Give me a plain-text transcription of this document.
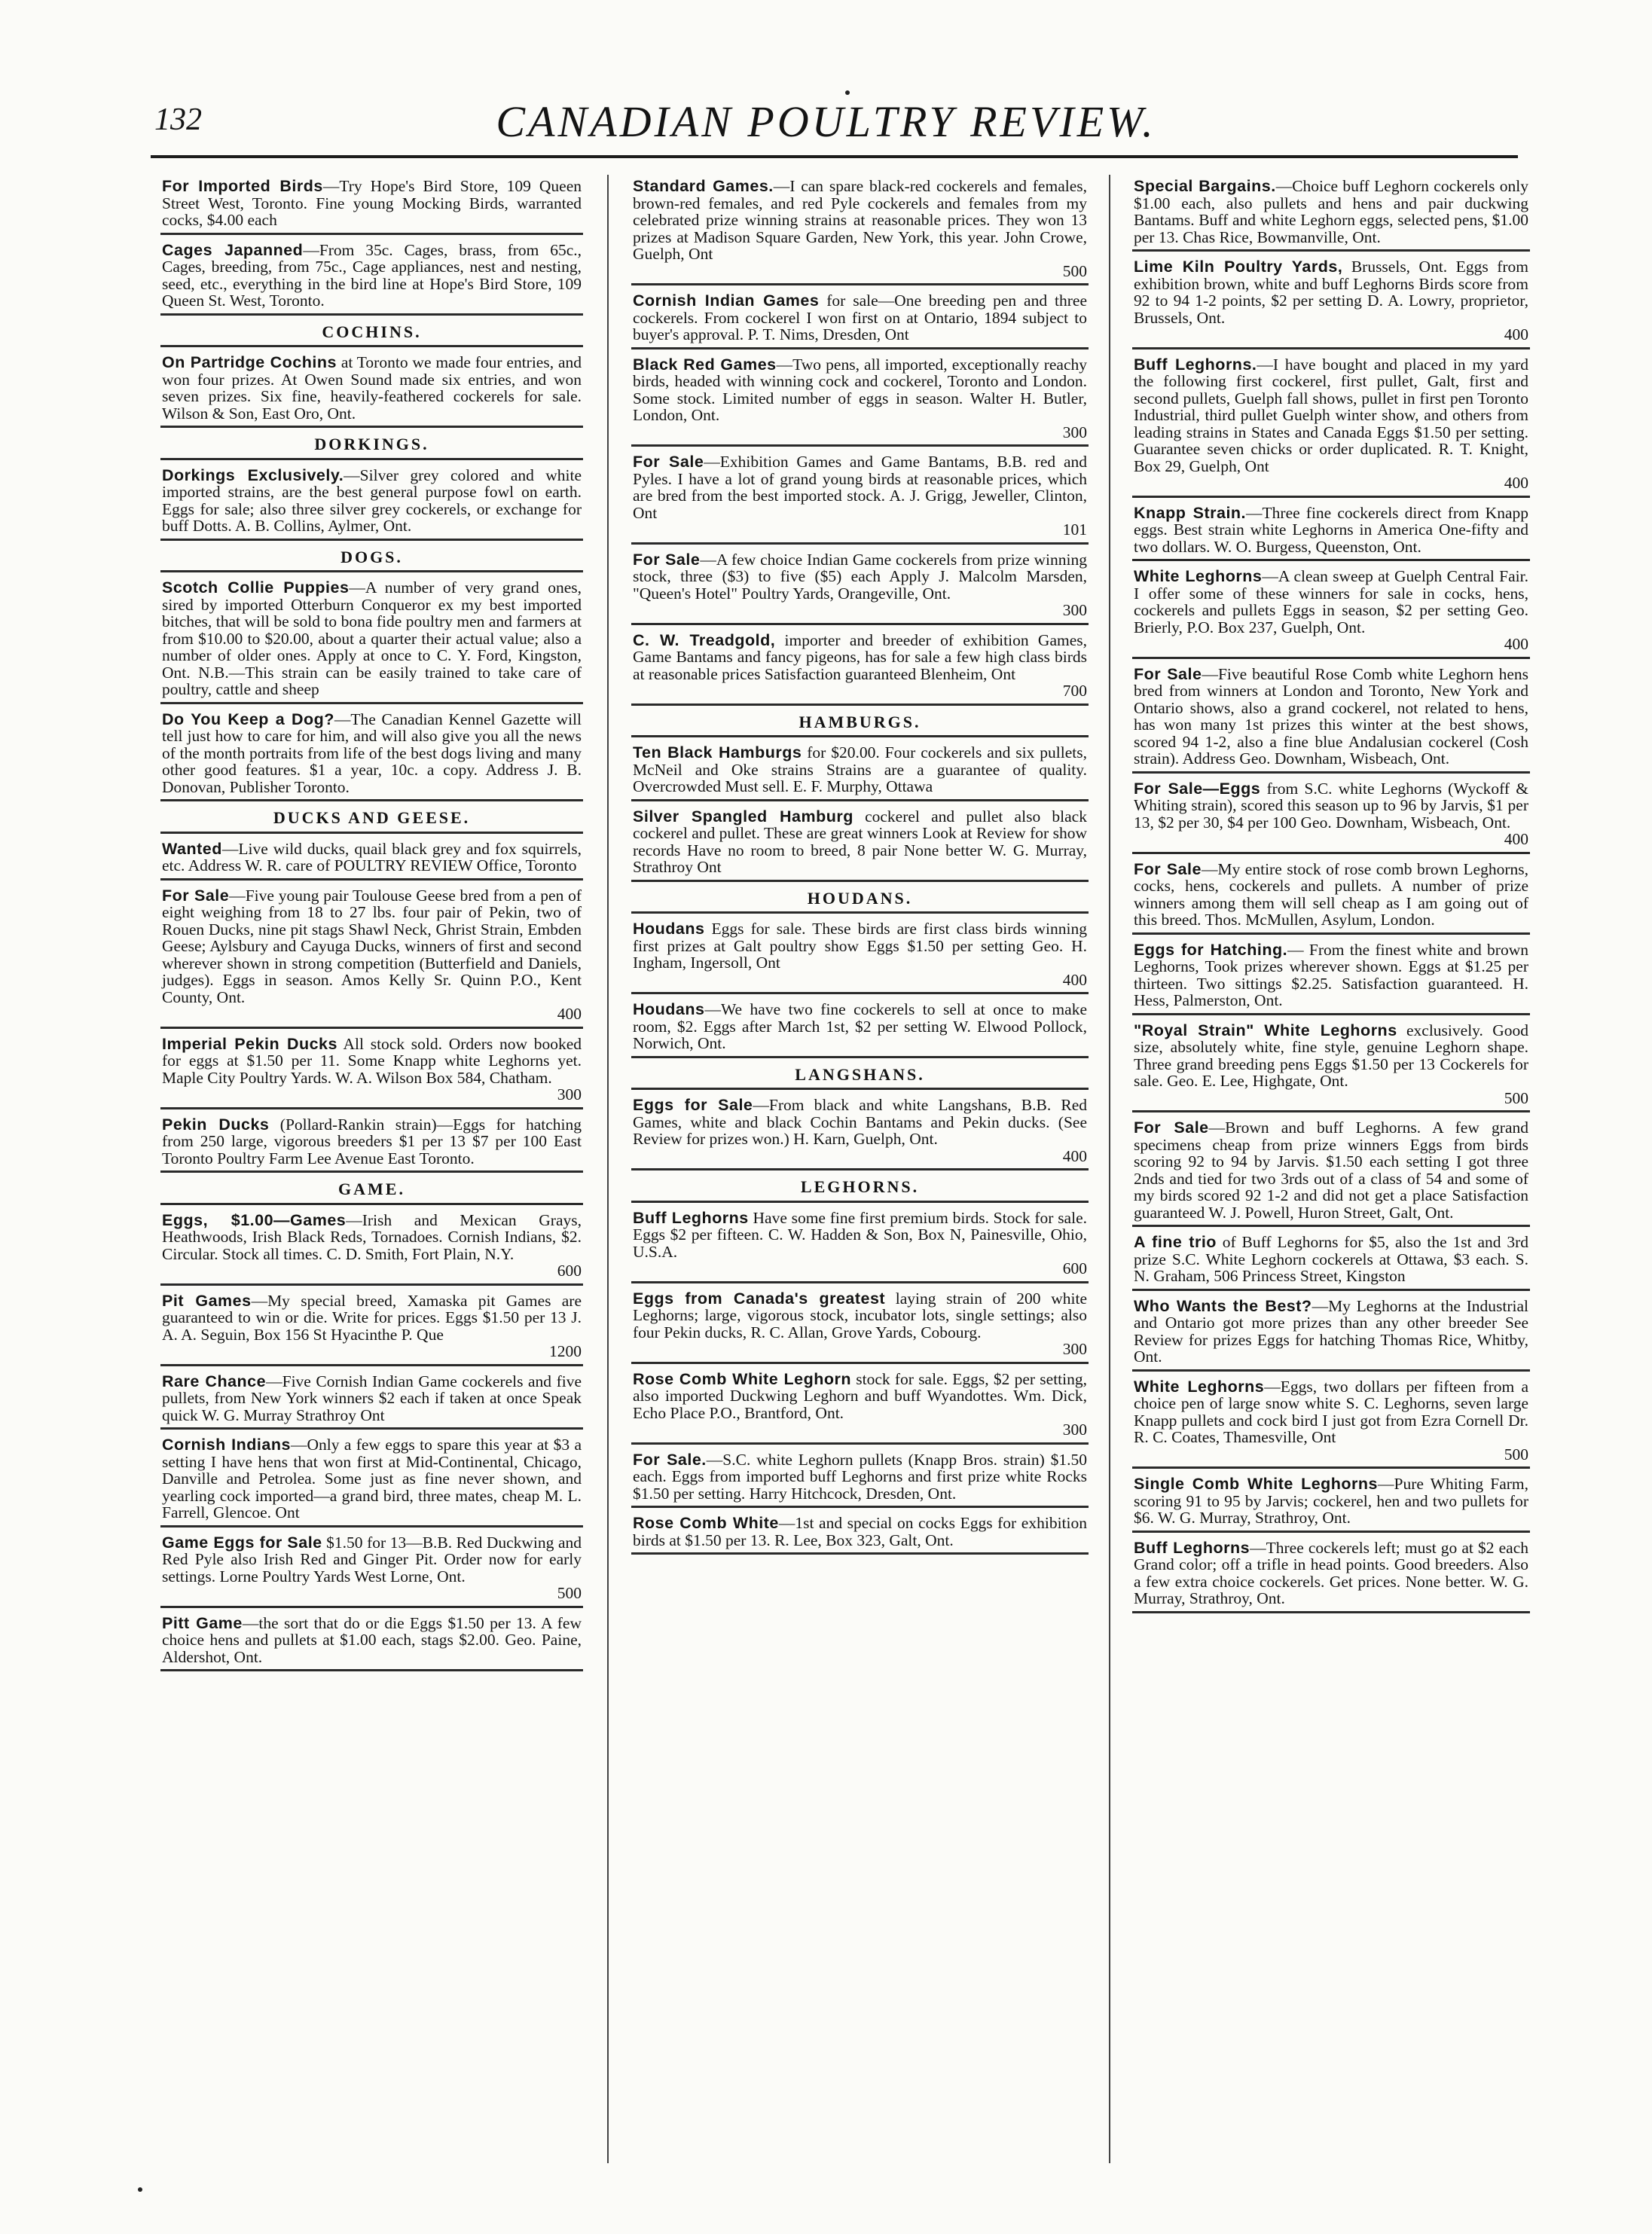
132	CANADIAN POULTRY REVIEW.
For Imported Birds—Try Hope's Bird Store, 109 Queen Street West, Toronto. Fine young Mocking Birds, warranted cocks, $4.00 each
Cages Japanned—From 35c. Cages, brass, from 65c., Cages, breeding, from 75c., Cage appliances, nest and nesting, seed, etc., everything in the bird line at Hope's Bird Store, 109 Queen St. West, Toronto.
COCHINS.
On Partridge Cochins at Toronto we made four entries, and won four prizes. At Owen Sound made six entries, and won seven prizes. Six fine, heavily-feathered cockerels for sale. Wilson & Son, East Oro, Ont.
DORKINGS.
Dorkings Exclusively.—Silver grey colored and white imported strains, are the best general purpose fowl on earth. Eggs for sale; also three silver grey cockerels, or exchange for buff Dotts. A. B. Collins, Aylmer, Ont.
DOGS.
Scotch Collie Puppies—A number of very grand ones, sired by imported Otterburn Conqueror ex my best imported bitches, that will be sold to bona fide poultry men and farmers at from $10.00 to $20.00, about a quarter their actual value; also a number of older ones. Apply at once to C. Y. Ford, Kingston, Ont. N.B.—This strain can be easily trained to take care of poultry, cattle and sheep
Do You Keep a Dog?—The Canadian Kennel Gazette will tell just how to care for him, and will also give you all the news of the month portraits from life of the best dogs living and many other good features. $1 a year, 10c. a copy. Address J. B. Donovan, Publisher Toronto.
DUCKS AND GEESE.
Wanted—Live wild ducks, quail black grey and fox squirrels, etc. Address W. R. care of POULTRY REVIEW Office, Toronto
For Sale—Five young pair Toulouse Geese bred from a pen of eight weighing from 18 to 27 lbs. four pair of Pekin, two of Rouen Ducks, nine pit stags Shawl Neck, Ghrist Strain, Embden Geese; Aylsbury and Cayuga Ducks, winners of first and second wherever shown in strong competition (Butterfield and Daniels, judges). Eggs in season. Amos Kelly Sr. Quinn P.O., Kent County, Ont.
400
Imperial Pekin Ducks All stock sold. Orders now booked for eggs at $1.50 per 11. Some Knapp white Leghorns yet. Maple City Poultry Yards. W. A. Wilson Box 584, Chatham.
300
Pekin Ducks (Pollard-Rankin strain)—Eggs for hatching from 250 large, vigorous breeders $1 per 13 $7 per 100 East Toronto Poultry Farm Lee Avenue East Toronto.
GAME.
Eggs, $1.00—Games—Irish and Mexican Grays, Heathwoods, Irish Black Reds, Tornadoes. Cornish Indians, $2. Circular. Stock all times. C. D. Smith, Fort Plain, N.Y.
600
Pit Games—My special breed, Xamaska pit Games are guaranteed to win or die. Write for prices. Eggs $1.50 per 13 J. A. A. Seguin, Box 156 St Hyacinthe P. Que
1200
Rare Chance—Five Cornish Indian Game cockerels and five pullets, from New York winners $2 each if taken at once Speak quick W. G. Murray Strathroy Ont
Cornish Indians—Only a few eggs to spare this year at $3 a setting I have hens that won first at Mid-Continental, Chicago, Danville and Petrolea. Some just as fine never shown, and yearling cock imported—a grand bird, three mates, cheap M. L. Farrell, Glencoe. Ont
Game Eggs for Sale $1.50 for 13—B.B. Red Duckwing and Red Pyle also Irish Red and Ginger Pit. Order now for early settings. Lorne Poultry Yards West Lorne, Ont.
500
Pitt Game—the sort that do or die Eggs $1.50 per 13. A few choice hens and pullets at $1.00 each, stags $2.00. Geo. Paine, Aldershot, Ont.
Standard Games.—I can spare black-red cockerels and females, brown-red females, and red Pyle cockerels and females from my celebrated prize winning strains at reasonable prices. They won 13 prizes at Madison Square Garden, New York, this year. John Crowe, Guelph, Ont
500
Cornish Indian Games for sale—One breeding pen and three cockerels. From cockerel I won first on at Ontario, 1894 subject to buyer's approval. P. T. Nims, Dresden, Ont
Black Red Games—Two pens, all imported, exceptionally reachy birds, headed with winning cock and cockerel, Toronto and London. Some stock. Limited number of eggs in season. Walter H. Butler, London, Ont.
300
For Sale—Exhibition Games and Game Bantams, B.B. red and Pyles. I have a lot of grand young birds at reasonable prices, which are bred from the best imported stock. A. J. Grigg, Jeweller, Clinton, Ont
101
For Sale—A few choice Indian Game cockerels from prize winning stock, three ($3) to five ($5) each Apply J. Malcolm Marsden, "Queen's Hotel" Poultry Yards, Orangeville, Ont.
300
C. W. Treadgold, importer and breeder of exhibition Games, Game Bantams and fancy pigeons, has for sale a few high class birds at reasonable prices Satisfaction guaranteed Blenheim, Ont
700
HAMBURGS.
Ten Black Hamburgs for $20.00. Four cockerels and six pullets, McNeil and Oke strains Strains are a guarantee of quality. Overcrowded Must sell. E. F. Murphy, Ottawa
Silver Spangled Hamburg cockerel and pullet also black cockerel and pullet. These are great winners Look at Review for show records Have no room to breed, 8 pair None better W. G. Murray, Strathroy Ont
HOUDANS.
Houdans Eggs for sale. These birds are first class birds winning first prizes at Galt poultry show Eggs $1.50 per setting Geo. H. Ingham, Ingersoll, Ont
400
Houdans—We have two fine cockerels to sell at once to make room, $2. Eggs after March 1st, $2 per setting W. Elwood Pollock, Norwich, Ont.
LANGSHANS.
Eggs for Sale—From black and white Langshans, B.B. Red Games, white and black Cochin Bantams and Pekin ducks. (See Review for prizes won.) H. Karn, Guelph, Ont.
400
LEGHORNS.
Buff Leghorns Have some fine first premium birds. Stock for sale. Eggs $2 per fifteen. C. W. Hadden & Son, Box N, Painesville, Ohio, U.S.A.
600
Eggs from Canada's greatest laying strain of 200 white Leghorns; large, vigorous stock, incubator lots, single settings; also four Pekin ducks, R. C. Allan, Grove Yards, Cobourg.
300
Rose Comb White Leghorn stock for sale. Eggs, $2 per setting, also imported Duckwing Leghorn and buff Wyandottes. Wm. Dick, Echo Place P.O., Brantford, Ont.
300
For Sale.—S.C. white Leghorn pullets (Knapp Bros. strain) $1.50 each. Eggs from imported buff Leghorns and first prize white Rocks $1.50 per setting. Harry Hitchcock, Dresden, Ont.
Rose Comb White—1st and special on cocks Eggs for exhibition birds at $1.50 per 13. R. Lee, Box 323, Galt, Ont.
Special Bargains.—Choice buff Leghorn cockerels only $1.00 each, also pullets and hens and pair duckwing Bantams. Buff and white Leghorn eggs, selected pens, $1.00 per 13. Chas Rice, Bowmanville, Ont.
Lime Kiln Poultry Yards, Brussels, Ont. Eggs from exhibition brown, white and buff Leghorns Birds score from 92 to 94 1-2 points, $2 per setting D. A. Lowry, proprietor, Brussels, Ont.
400
Buff Leghorns.—I have bought and placed in my yard the following first cockerel, first pullet, Galt, first and second pullets, Guelph fall shows, pullet in first pen Toronto Industrial, third pullet Guelph winter show, and others from leading strains in States and Canada Eggs $1.50 per setting. Guarantee seven chicks or order duplicated. R. T. Knight, Box 29, Guelph, Ont
400
Knapp Strain.—Three fine cockerels direct from Knapp eggs. Best strain white Leghorns in America One-fifty and two dollars. W. O. Burgess, Queenston, Ont.
White Leghorns—A clean sweep at Guelph Central Fair. I offer some of these winners for sale in cocks, hens, cockerels and pullets Eggs in season, $2 per setting Geo. Brierly, P.O. Box 237, Guelph, Ont.
400
For Sale—Five beautiful Rose Comb white Leghorn hens bred from winners at London and Toronto, New York and Ontario shows, also a grand cockerel, not related to hens, has won many 1st prizes this winter at the best shows, scored 94 1-2, also a fine blue Andalusian cockerel (Cosh strain). Address Geo. Downham, Wisbeach, Ont.
For Sale—Eggs from S.C. white Leghorns (Wyckoff & Whiting strain), scored this season up to 96 by Jarvis, $1 per 13, $2 per 30, $4 per 100 Geo. Downham, Wisbeach, Ont.
400
For Sale—My entire stock of rose comb brown Leghorns, cocks, hens, cockerels and pullets. A number of prize winners among them will sell cheap as I am going out of this breed. Thos. McMullen, Asylum, London.
Eggs for Hatching.— From the finest white and brown Leghorns, Took prizes wherever shown. Eggs at $1.25 per thirteen. Two sittings $2.25. Satisfaction guaranteed. H. Hess, Palmerston, Ont.
"Royal Strain" White Leghorns exclusively. Good size, absolutely white, fine style, genuine Leghorn shape. Three grand breeding pens Eggs $1.50 per 13 Cockerels for sale. Geo. E. Lee, Highgate, Ont.
500
For Sale—Brown and buff Leghorns. A few grand specimens cheap from prize winners Eggs from birds scoring 92 to 94 by Jarvis. $1.50 each setting I got three 2nds and tied for two 3rds out of a class of 54 and some of my birds scored 92 1-2 and did not get a place Satisfaction guaranteed W. J. Powell, Huron Street, Galt, Ont.
A fine trio of Buff Leghorns for $5, also the 1st and 3rd prize S.C. White Leghorn cockerels at Ottawa, $3 each. S. N. Graham, 506 Princess Street, Kingston
Who Wants the Best?—My Leghorns at the Industrial and Ontario got more prizes than any other breeder See Review for prizes Eggs for hatching Thomas Rice, Whitby, Ont.
White Leghorns—Eggs, two dollars per fifteen from a choice pen of large snow white S. C. Leghorns, seven large Knapp pullets and cock bird I just got from Ezra Cornell Dr. R. C. Coates, Thamesville, Ont
500
Single Comb White Leghorns—Pure Whiting Farm, scoring 91 to 95 by Jarvis; cockerel, hen and two pullets for $6. W. G. Murray, Strathroy, Ont.
Buff Leghorns—Three cockerels left; must go at $2 each Grand color; off a trifle in head points. Good breeders. Also a few extra choice cockerels. Get prices. None better. W. G. Murray, Strathroy, Ont.
